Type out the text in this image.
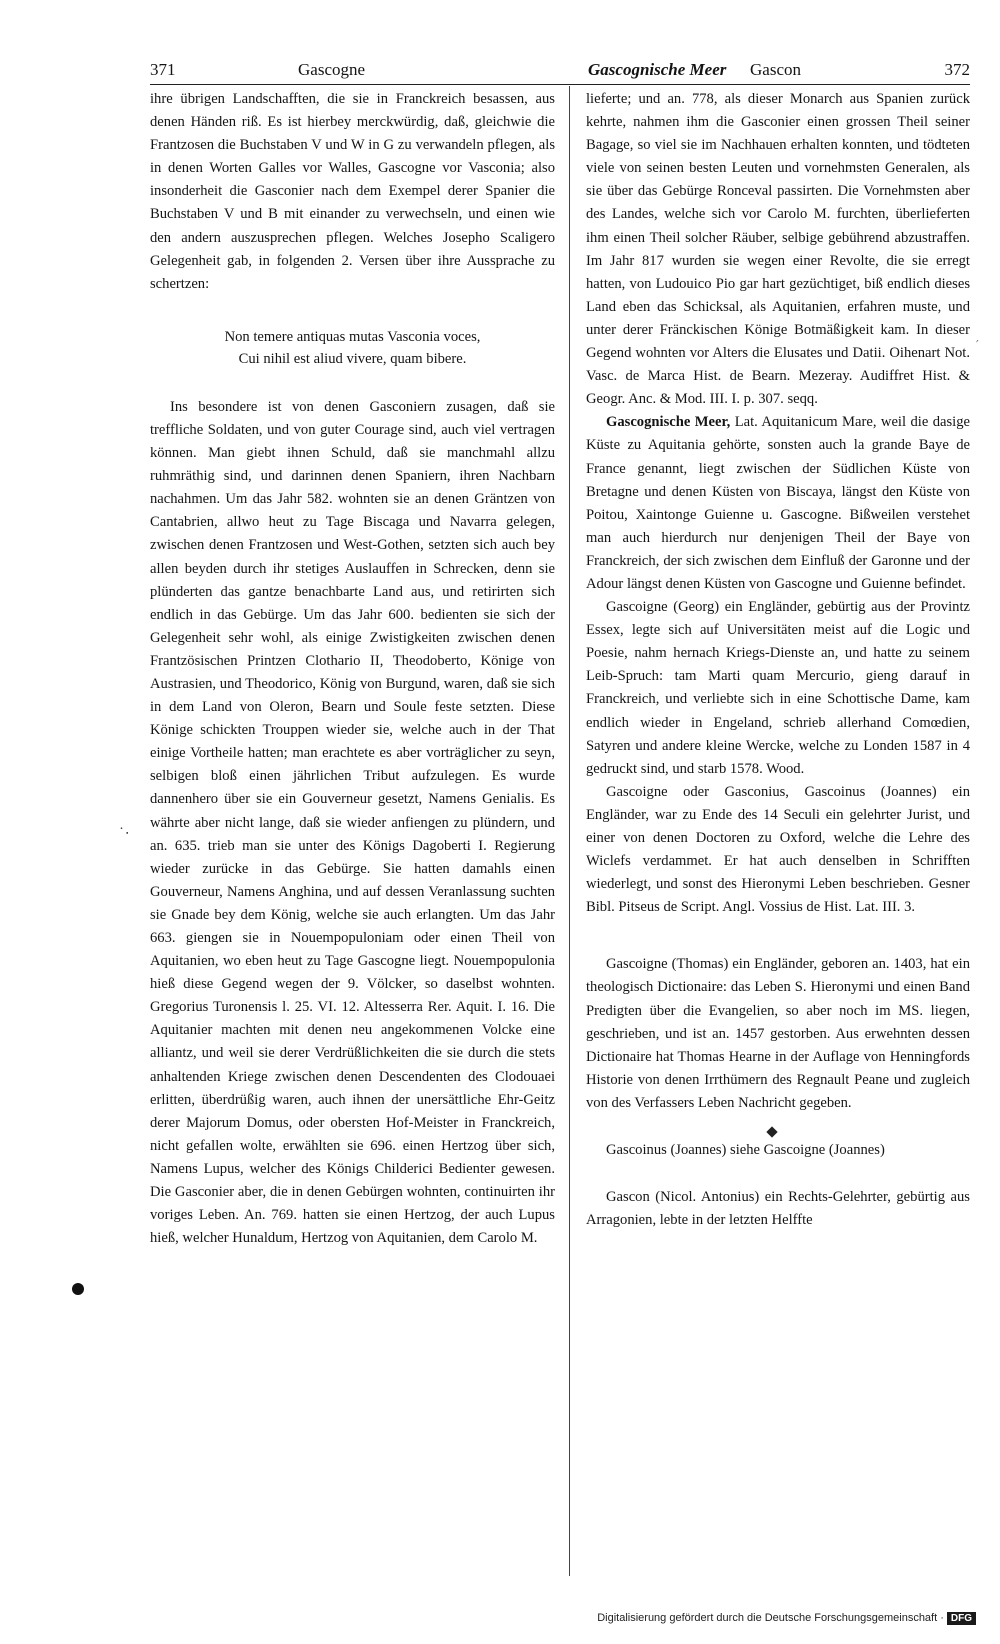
371	Gascogne	Gascognische Meer Gascon	372

ihre übrigen Landschafften, die sie in Franckreich besassen, aus denen Händen riß. Es ist hierbey merckwürdig, daß, gleichwie die Frantzosen die Buchstaben V und W in G zu verwandeln pflegen, als in denen Worten Galles vor Walles, Gascogne vor Vasconia; also insonderheit die Gasconier nach dem Exempel derer Spanier die Buchstaben V und B mit einander zu verwechseln, und einen wie den andern auszusprechen pflegen. Welches Josepho Scaligero Gelegenheit gab, in folgenden 2. Versen über ihre Aussprache zu schertzen:

Non temere antiquas mutas Vasconia voces,
Cui nihil est aliud vivere, quam bibere.

Ins besondere ist von denen Gasconiern zusagen, daß sie treffliche Soldaten, und von guter Courage sind, auch viel vertragen können. Man giebt ihnen Schuld, daß sie manchmahl allzu ruhmräthig sind, und darinnen denen Spaniern, ihren Nachbarn nachahmen. Um das Jahr 582. wohnten sie an denen Gräntzen von Cantabrien, allwo heut zu Tage Biscaga und Navarra gelegen, zwischen denen Frantzosen und West-Gothen, setzten sich auch bey allen beyden durch ihr stetiges Auslauffen in Schrecken, denn sie plünderten das gantze benachbarte Land aus, und retirirten sich endlich in das Gebürge. Um das Jahr 600. bedienten sie sich der Gelegenheit sehr wohl, als einige Zwistigkeiten zwischen denen Frantzösischen Printzen Clothario II, Theodoberto, Könige von Austrasien, und Theodorico, König von Burgund, waren, daß sie sich in dem Land von Oleron, Bearn und Soule feste setzten. Diese Könige schickten Trouppen wieder sie, welche auch in der That einige Vortheile hatten; man erachtete es aber vorträglicher zu seyn, selbigen bloß einen jährlichen Tribut aufzulegen. Es wurde dannenhero über sie ein Gouverneur gesetzt, Namens Genialis. Es währte aber nicht lange, daß sie wieder anfiengen zu plündern, und an. 635. trieb man sie unter des Königs Dagoberti I. Regierung wieder zurücke in das Gebürge. Sie hatten damahls einen Gouverneur, Namens Anghina, und auf dessen Veranlassung suchten sie Gnade bey dem König, welche sie auch erlangten. Um das Jahr 663. giengen sie in Nouempopuloniam oder einen Theil von Aquitanien, wo eben heut zu Tage Gascogne liegt. Nouempopulonia hieß diese Gegend wegen der 9. Völcker, so daselbst wohnten. Gregorius Turonensis l. 25. VI. 12. Altesserra Rer. Aquit. I. 16. Die Aquitanier machten mit denen neu angekommenen Volcke eine alliantz, und weil sie derer Verdrüßlichkeiten die sie durch die stets anhaltenden Kriege zwischen denen Descendenten des Clodouaei erlitten, überdrüßig waren, auch ihnen der unersättliche Ehr-Geitz derer Majorum Domus, oder obersten Hof-Meister in Franckreich, nicht gefallen wolte, erwählten sie 696. einen Hertzog über sich, Namens Lupus, welcher des Königs Childerici Bedienter gewesen. Die Gasconier aber, die in denen Gebürgen wohnten, continuirten ihr voriges Leben. An. 769. hatten sie einen Hertzog, der auch Lupus hieß, welcher Hunaldum, Hertzog von Aquitanien, dem Carolo M.

lieferte; und an. 778, als dieser Monarch aus Spanien zurück kehrte, nahmen ihm die Gasconier einen grossen Theil seiner Bagage, so viel sie im Nachhauen erhalten konnten, und tödteten viele von seinen besten Leuten und vornehmsten Generalen, als sie über das Gebürge Ronceval passirten. Die Vornehmsten aber des Landes, welche sich vor Carolo M. furchten, überlieferten ihm einen Theil solcher Räuber, selbige gebührend abzustraffen. Im Jahr 817 wurden sie wegen einer Revolte, die sie erregt hatten, von Ludouico Pio gar hart gezüchtiget, biß endlich dieses Land eben das Schicksal, als Aquitanien, erfahren muste, und unter derer Fränckischen Könige Botmäßigkeit kam. In dieser Gegend wohnten vor Alters die Elusates und Datii. Oihenart Not. Vasc. de Marca Hist. de Bearn. Mezeray. Audiffret Hist. & Geogr. Anc. & Mod. III. I. p. 307. seqq.

Gascognische Meer, Lat. Aquitanicum Mare, weil die dasige Küste zu Aquitania gehörte, sonsten auch la grande Baye de France genannt, liegt zwischen der Südlichen Küste von Bretagne und denen Küsten von Biscaya, längst den Küste von Poitou, Xaintonge Guienne u. Gascogne. Bißweilen verstehet man auch hierdurch nur denjenigen Theil der Baye von Franckreich, der sich zwischen dem Einfluß der Garonne und der Adour längst denen Küsten von Gascogne und Guienne befindet.

Gascoigne (Georg) ein Engländer, gebürtig aus der Provintz Essex, legte sich auf Universitäten meist auf die Logic und Poesie, nahm hernach Kriegs-Dienste an, und hatte zu seinem Leib-Spruch: tam Marti quam Mercurio, gieng darauf in Franckreich, und verliebte sich in eine Schottische Dame, kam endlich wieder in Engeland, schrieb allerhand Comœdien, Satyren und andere kleine Wercke, welche zu Londen 1587 in 4 gedruckt sind, und starb 1578. Wood.

Gascoigne oder Gasconius, Gascoinus (Joannes) ein Engländer, war zu Ende des 14 Seculi ein gelehrter Jurist, und einer von denen Doctoren zu Oxford, welche die Lehre des Wiclefs verdammet. Er hat auch denselben in Schrifften wiederlegt, und sonst des Hieronymi Leben beschrieben. Gesner Bibl. Pitseus de Script. Angl. Vossius de Hist. Lat. III. 3.

Gascoigne (Thomas) ein Engländer, geboren an. 1403, hat ein theologisch Dictionaire: das Leben S. Hieronymi und einen Band Predigten über die Evangelien, so aber noch im MS. liegen, geschrieben, und ist an. 1457 gestorben. Aus erwehnten dessen Dictionaire hat Thomas Hearne in der Auflage von Henningfords Historie von denen Irrthümern des Regnault Peane und zugleich von des Verfassers Leben Nachricht gegeben.

Gascoinus (Joannes) siehe Gascoigne (Joannes)

Gascon (Nicol. Antonius) ein Rechts-Gelehrter, gebürtig aus Arragonien, lebte in der letzten Helffte

˙‧
′
Digitalisierung gefördert durch die Deutsche Forschungsgemeinschaft · DFG
